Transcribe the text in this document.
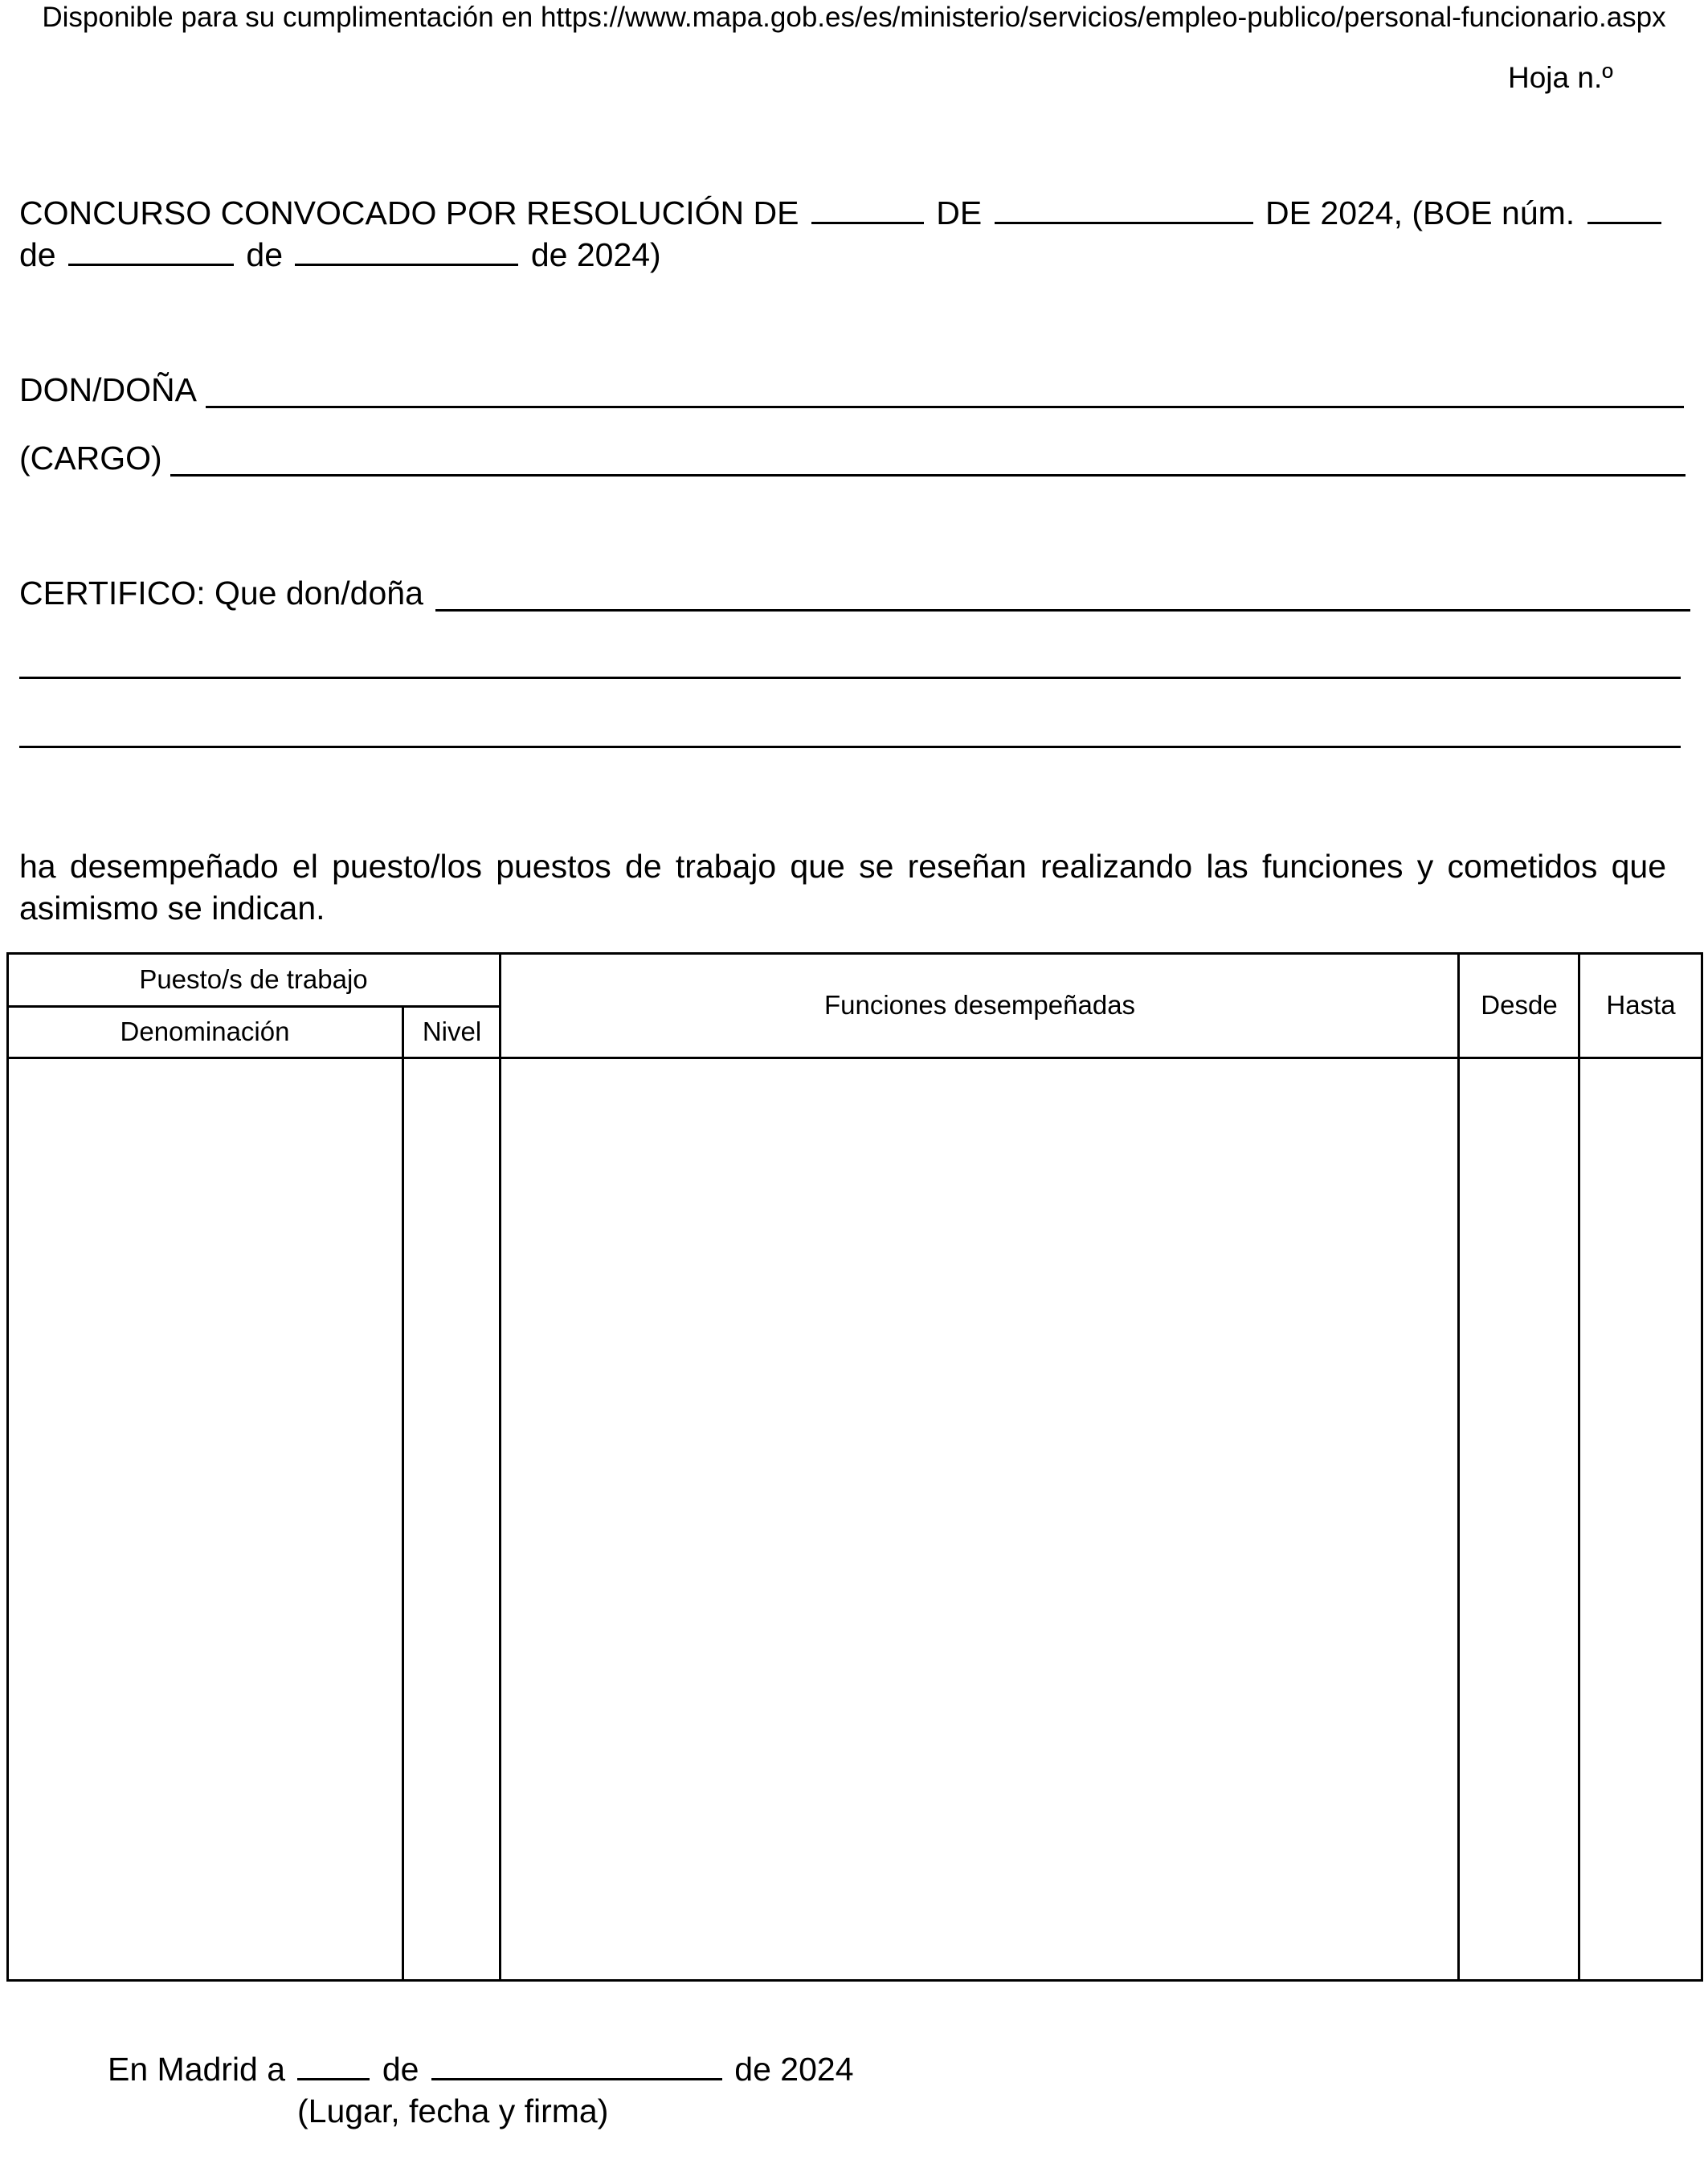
Disponible para su cumplimentación en https://www.mapa.gob.es/es/ministerio/servicios/empleo-publico/personal-funcionario.aspx
Hoja n.º
CONCURSO CONVOCADO POR RESOLUCIÓN DE	DE	DE 2024, (BOE núm.
de	de	de 2024)
DON/DOÑA
(CARGO)
CERTIFICO: Que don/doña
ha desempeñado el puesto/los puestos de trabajo que se reseñan realizando las funciones y cometidos que asimismo se indican.
Puesto/s de trabajo
Denominación	Nivel
Funciones desempeñadas	Desde	Hasta
En Madrid a	de	de 2024
(Lugar, fecha y firma)
